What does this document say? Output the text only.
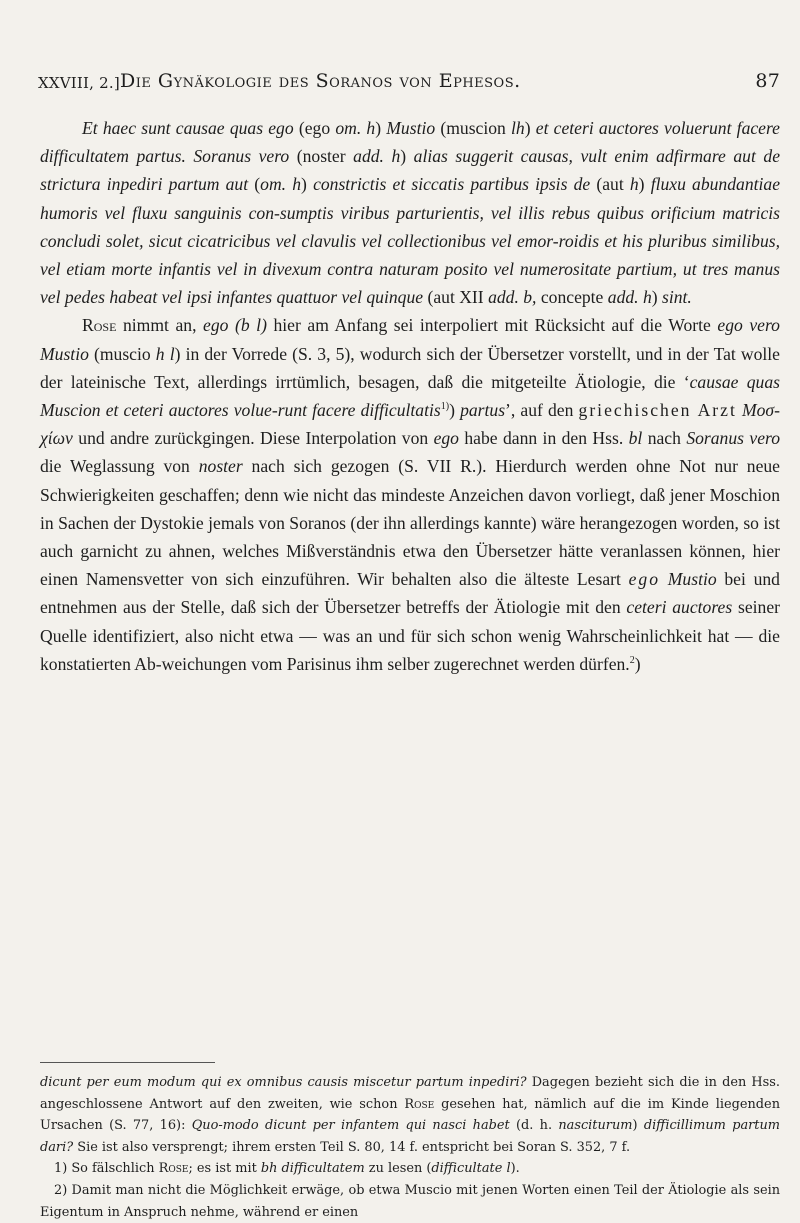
XXVIII, 2.] Die Gynäkologie des Soranos von Ephesos.	87

Et haec sunt causae quas ego (ego om. h) Mustio (muscion lh) et ceteri auctores voluerunt facere difficultatem partus. Soranus vero (noster add. h) alias suggerit causas, vult enim adfirmare aut de strictura inpediri partum aut (om. h) constrictis et siccatis partibus ipsis de (aut h) fluxu abundantiae humoris vel fluxu sanguinis con-sumptis viribus parturientis, vel illis rebus quibus orificium matricis concludi solet, sicut cicatricibus vel clavulis vel collectionibus vel emor-roidis et his pluribus similibus, vel etiam morte infantis vel in divexum contra naturam posito vel numerositate partium, ut tres manus vel pedes habeat vel ipsi infantes quattuor vel quinque (aut XII add. b, concepte add. h) sint.

Rose nimmt an, ego (b l) hier am Anfang sei interpoliert mit Rücksicht auf die Worte ego vero Mustio (muscio h l) in der Vorrede (S. 3, 5), wodurch sich der Übersetzer vorstellt, und in der Tat wolle der lateinische Text, allerdings irrtümlich, besagen, daß die mitgeteilte Ätiologie, die ‘causae quas Muscion et ceteri auctores volue-runt facere difficultatis$^{1)}$) partus’, auf den griechischen Arzt Μοσ-χίων und andre zurückgingen. Diese Interpolation von ego habe dann in den Hss. bl nach Soranus vero die Weglassung von noster nach sich gezogen (S. VII R.). Hierdurch werden ohne Not nur neue Schwierigkeiten geschaffen; denn wie nicht das mindeste Anzeichen davon vorliegt, daß jener Moschion in Sachen der Dystokie jemals von Soranos (der ihn allerdings kannte) wäre herangezogen worden, so ist auch garnicht zu ahnen, welches Mißverständnis etwa den Übersetzer hätte veranlassen können, hier einen Namensvetter von sich einzuführen. Wir behalten also die älteste Lesart ego Mustio bei und entnehmen aus der Stelle, daß sich der Übersetzer betreffs der Ätiologie mit den ceteri auctores seiner Quelle identifiziert, also nicht etwa — was an und für sich schon wenig Wahrscheinlichkeit hat — die konstatierten Ab-weichungen vom Parisinus ihm selber zugerechnet werden dürfen.$^2$)

dicunt per eum modum qui ex omnibus causis miscetur partum inpediri? Dagegen bezieht sich die in den Hss. angeschlossene Antwort auf den zweiten, wie schon Rose gesehen hat, nämlich auf die im Kinde liegenden Ursachen (S. 77, 16): Quo-modo dicunt per infantem qui nasci habet (d. h. nasciturum) difficillimum partum dari? Sie ist also versprengt; ihrem ersten Teil S. 80, 14 f. entspricht bei Soran S. 352, 7 f.

1) So fälschlich Rose; es ist mit bh difficultatem zu lesen (difficultate l).

2) Damit man nicht die Möglichkeit erwäge, ob etwa Muscio mit jenen Worten einen Teil der Ätiologie als sein Eigentum in Anspruch nehme, während er einen
